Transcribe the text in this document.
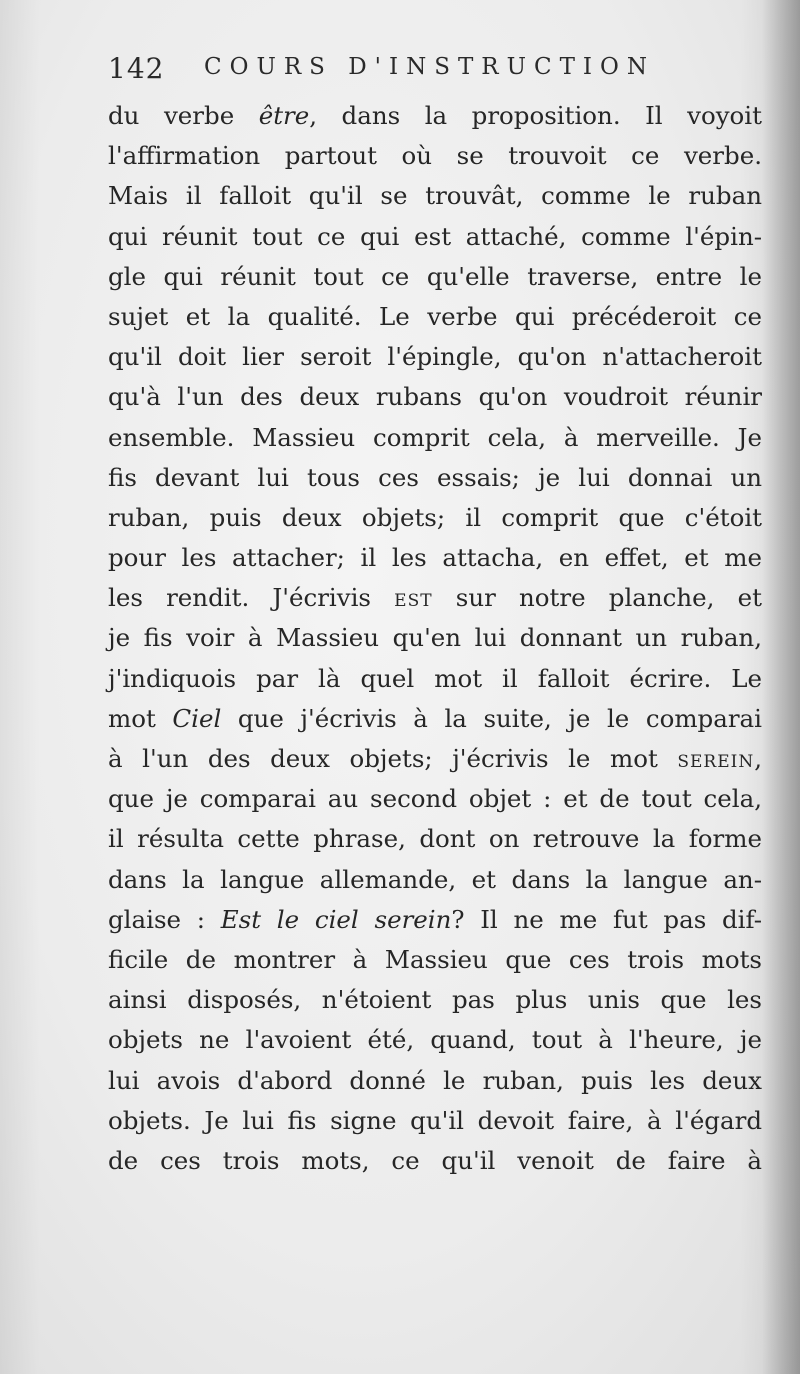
142 COURS D'INSTRUCTION
du verbe être, dans la proposition. Il voyoit
l'affirmation partout où se trouvoit ce verbe.
Mais il falloit qu'il se trouvât, comme le ruban
qui réunit tout ce qui est attaché, comme l'épin-
gle qui réunit tout ce qu'elle traverse, entre le
sujet et la qualité. Le verbe qui précéderoit ce
qu'il doit lier seroit l'épingle, qu'on n'attacheroit
qu'à l'un des deux rubans qu'on voudroit réunir
ensemble. Massieu comprit cela, à merveille. Je
fis devant lui tous ces essais; je lui donnai un
ruban, puis deux objets; il comprit que c'étoit
pour les attacher; il les attacha, en effet, et me
les rendit. J'écrivis est sur notre planche, et
je fis voir à Massieu qu'en lui donnant un ruban,
j'indiquois par là quel mot il falloit écrire. Le
mot Ciel que j'écrivis à la suite, je le comparai
à l'un des deux objets; j'écrivis le mot serein,
que je comparai au second objet : et de tout cela,
il résulta cette phrase, dont on retrouve la forme
dans la langue allemande, et dans la langue an-
glaise : Est le ciel serein? Il ne me fut pas dif-
ficile de montrer à Massieu que ces trois mots
ainsi disposés, n'étoient pas plus unis que les
objets ne l'avoient été, quand, tout à l'heure, je
lui avois d'abord donné le ruban, puis les deux
objets. Je lui fis signe qu'il devoit faire, à l'égard
de ces trois mots, ce qu'il venoit de faire à
